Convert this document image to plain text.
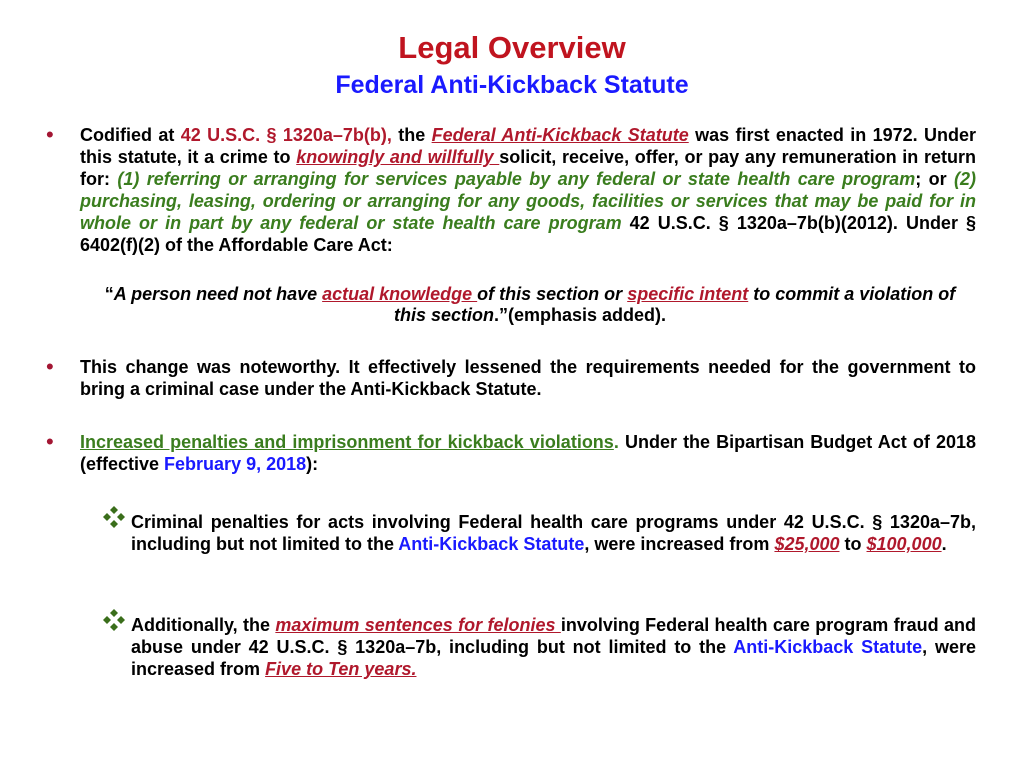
Legal Overview
Federal Anti-Kickback Statute
• Codified at 42 U.S.C. § 1320a–7b(b), the Federal Anti-Kickback Statute was first enacted in 1972. Under this statute, it a crime to knowingly and willfully solicit, receive, offer, or pay any remuneration in return for: (1) referring or arranging for services payable by any federal or state health care program; or (2) purchasing, leasing, ordering or arranging for any goods, facilities or services that may be paid for in whole or in part by any federal or state health care program 42 U.S.C. § 1320a–7b(b)(2012). Under § 6402(f)(2) of the Affordable Care Act:
“A person need not have actual knowledge of this section or specific intent to commit a violation of this section.”(emphasis added).
• This change was noteworthy. It effectively lessened the requirements needed for the government to bring a criminal case under the Anti-Kickback Statute.
• Increased penalties and imprisonment for kickback violations. Under the Bipartisan Budget Act of 2018 (effective February 9, 2018):
Criminal penalties for acts involving Federal health care programs under 42 U.S.C. § 1320a–7b, including but not limited to the Anti-Kickback Statute, were increased from $25,000 to $100,000.
Additionally, the maximum sentences for felonies involving Federal health care program fraud and abuse under 42 U.S.C. § 1320a–7b, including but not limited to the Anti-Kickback Statute, were increased from Five to Ten years.
